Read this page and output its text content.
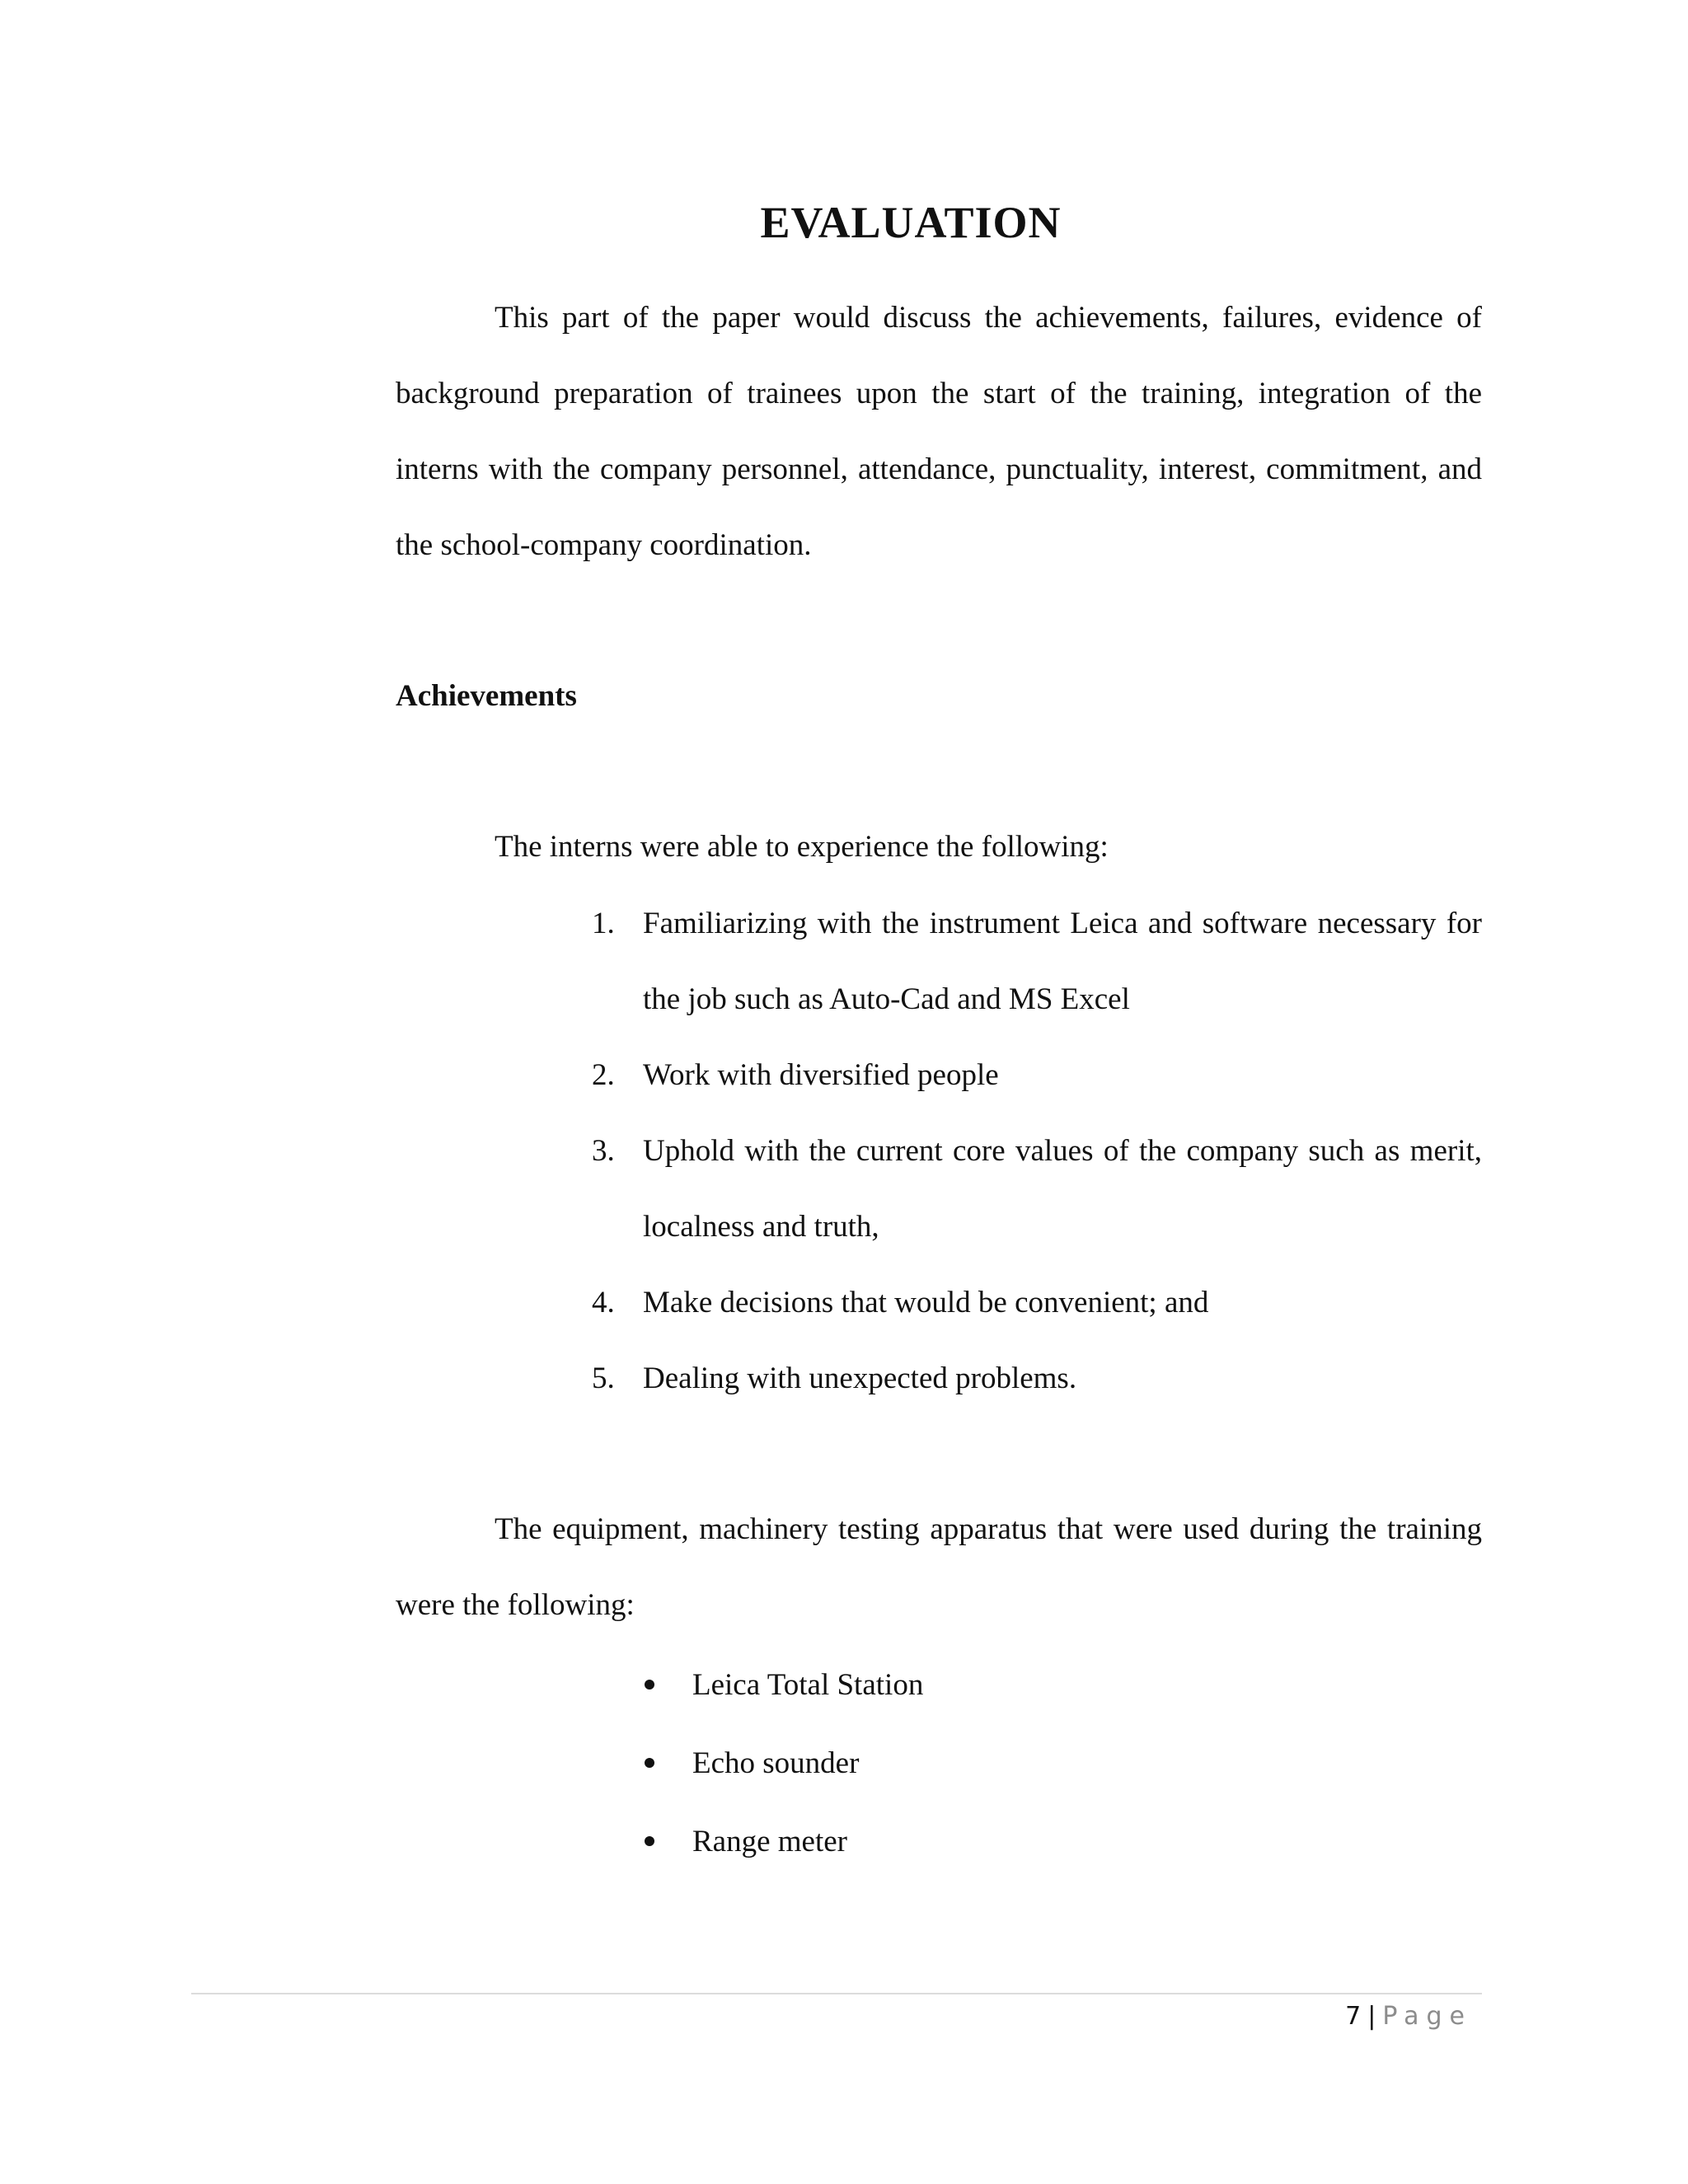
EVALUATION

This part of the paper would discuss the achievements, failures, evidence of background preparation of trainees upon the start of the training, integration of the interns with the company personnel, attendance, punctuality, interest, commitment, and the school-company coordination.

Achievements
The interns were able to experience the following:
1. Familiarizing with the instrument Leica and software necessary for the job such as Auto-Cad and MS Excel
2. Work with diversified people
3. Uphold with the current core values of the company such as merit, localness and truth,
4. Make decisions that would be convenient; and
5. Dealing with unexpected problems.

The equipment, machinery testing apparatus that were used during the training were the following:

Leica Total Station
Echo sounder
Range meter
7 | Page
